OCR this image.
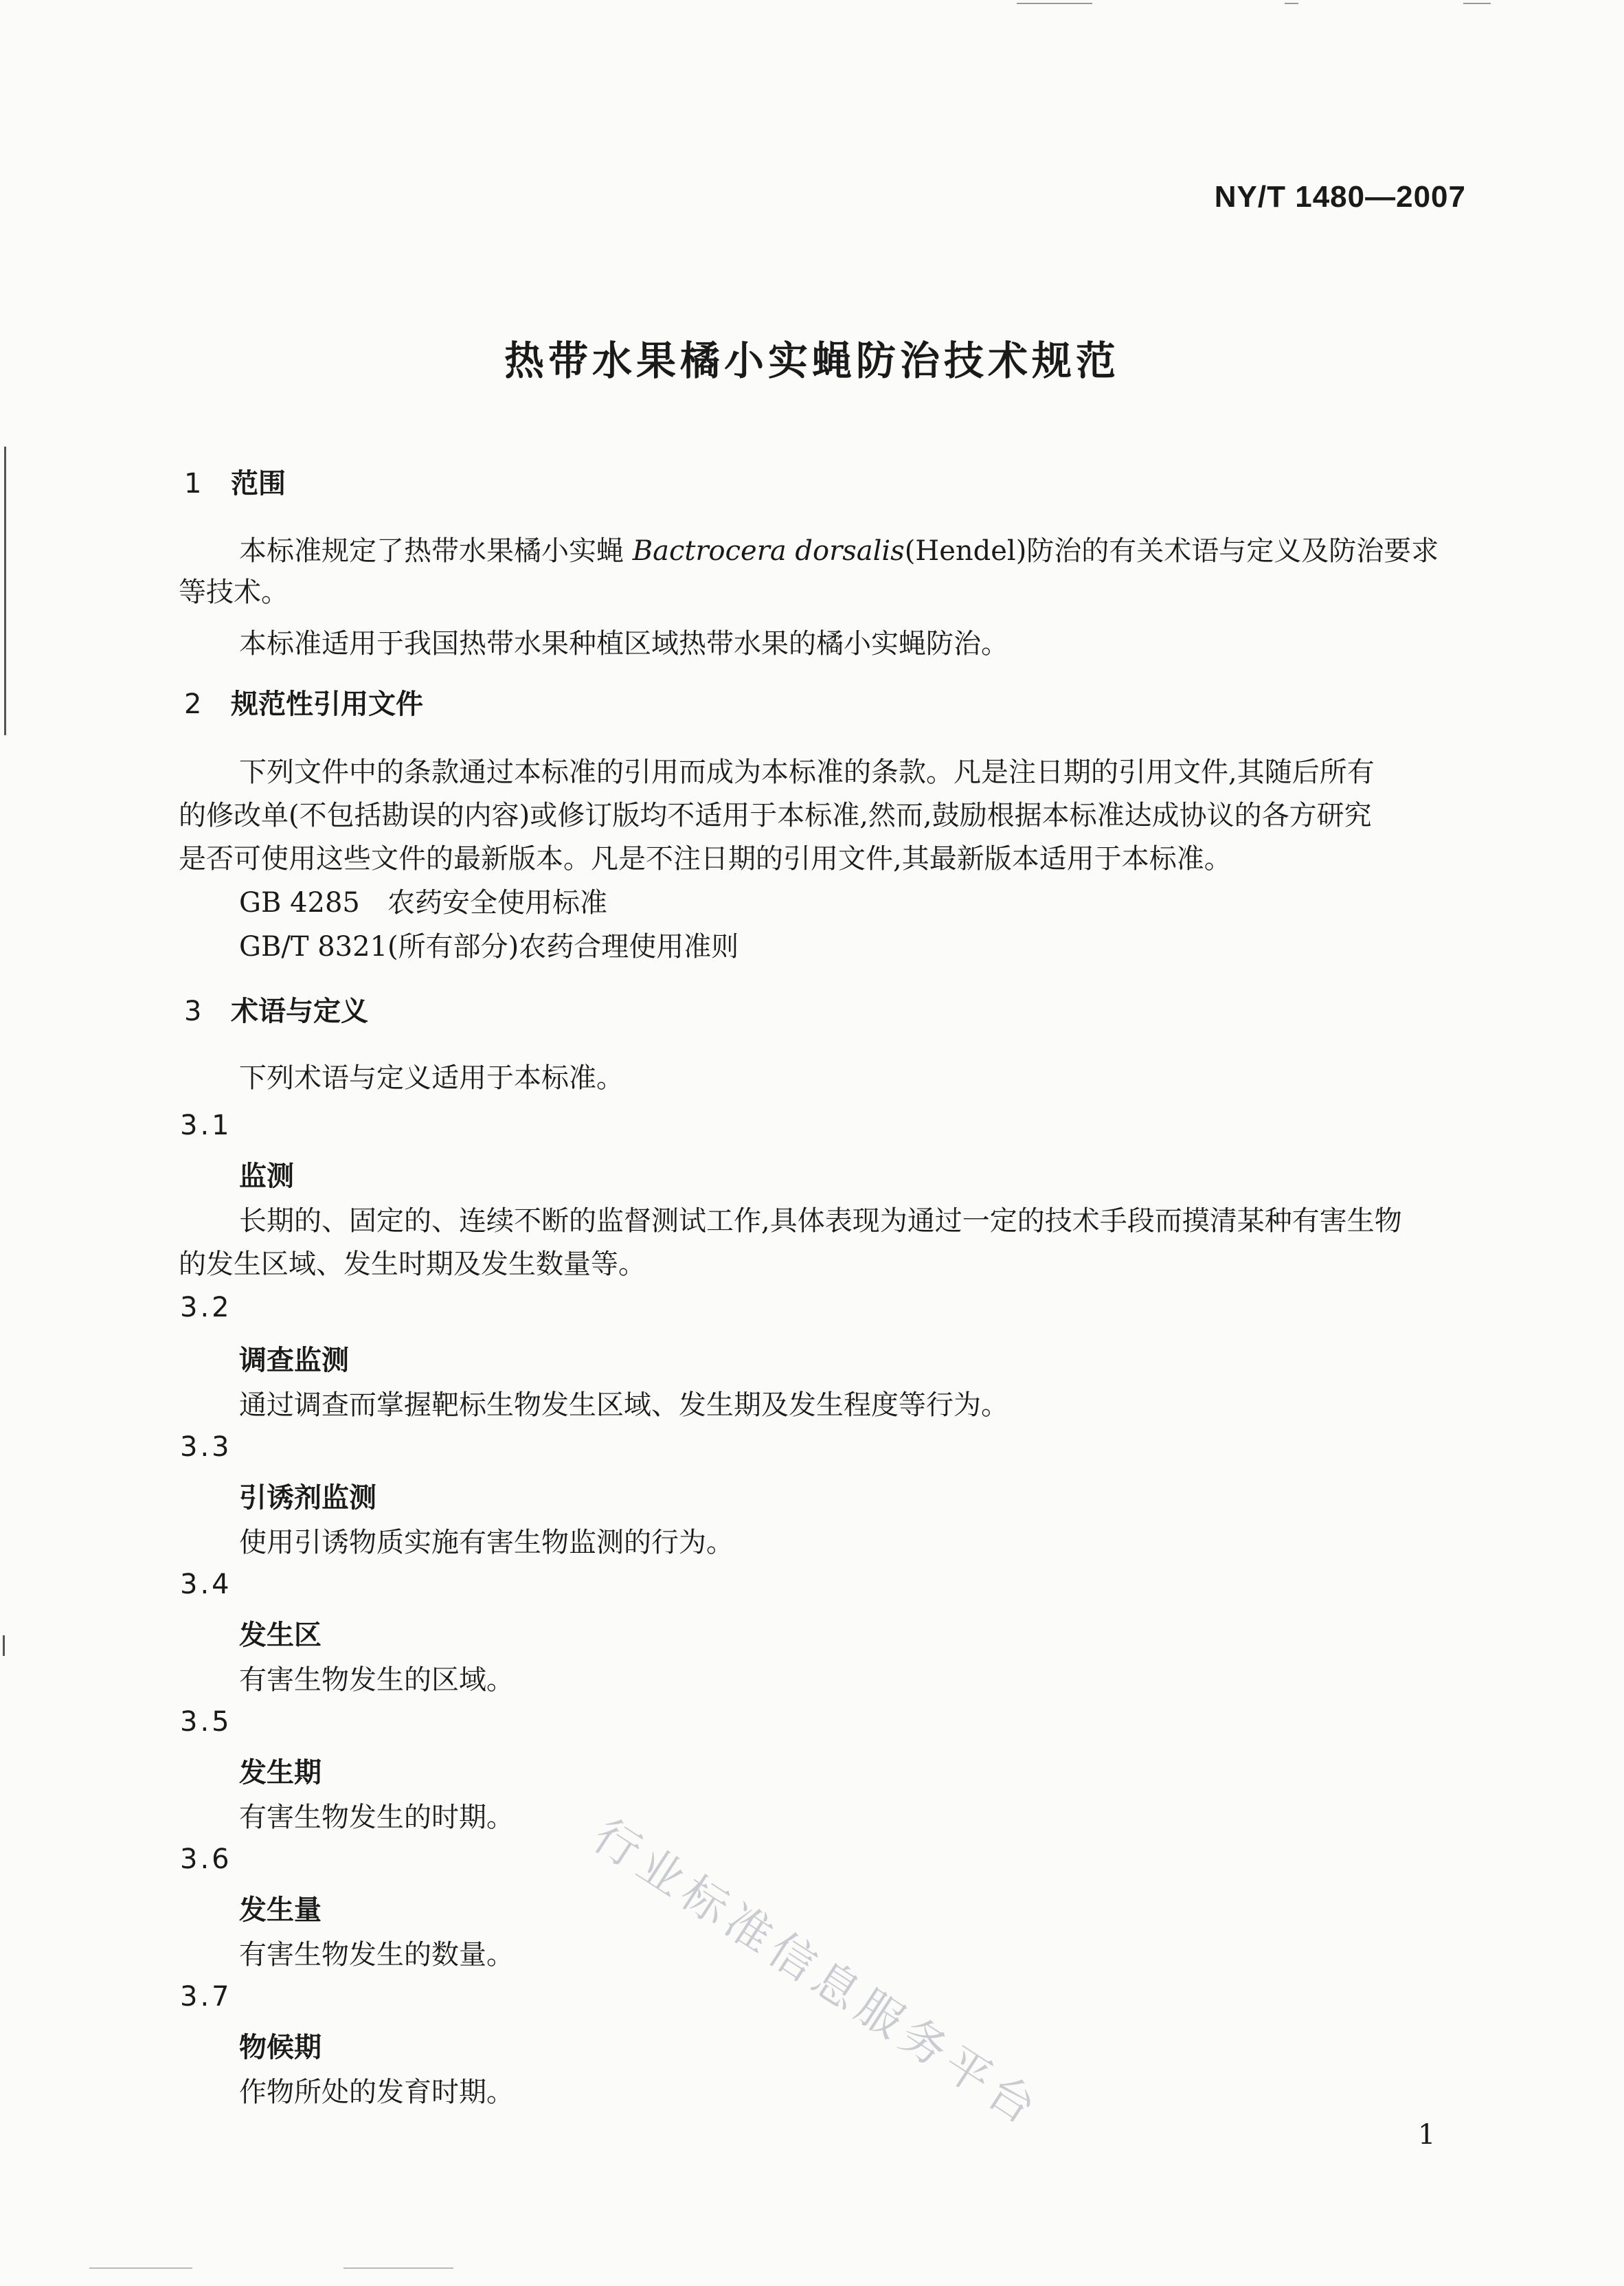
NY/T 1480—2007
热带水果橘小实蝇防治技术规范
1 范围
本标准规定了热带水果橘小实蝇 Bactrocera dorsalis(Hendel)防治的有关术语与定义及防治要求
等技术。
本标准适用于我国热带水果种植区域热带水果的橘小实蝇防治。
2 规范性引用文件
下列文件中的条款通过本标准的引用而成为本标准的条款。凡是注日期的引用文件,其随后所有
的修改单(不包括勘误的内容)或修订版均不适用于本标准,然而,鼓励根据本标准达成协议的各方研究
是否可使用这些文件的最新版本。凡是不注日期的引用文件,其最新版本适用于本标准。
GB 4285 农药安全使用标准
GB/T 8321(所有部分)农药合理使用准则
3 术语与定义
下列术语与定义适用于本标准。
3.1
监测
长期的、固定的、连续不断的监督测试工作,具体表现为通过一定的技术手段而摸清某种有害生物
的发生区域、发生时期及发生数量等。
3.2
调查监测
通过调查而掌握靶标生物发生区域、发生期及发生程度等行为。
3.3
引诱剂监测
使用引诱物质实施有害生物监测的行为。
3.4
发生区
有害生物发生的区域。
3.5
发生期
有害生物发生的时期。
3.6
发生量
有害生物发生的数量。
3.7
物候期
作物所处的发育时期。 行业标准信息服务平台	1
